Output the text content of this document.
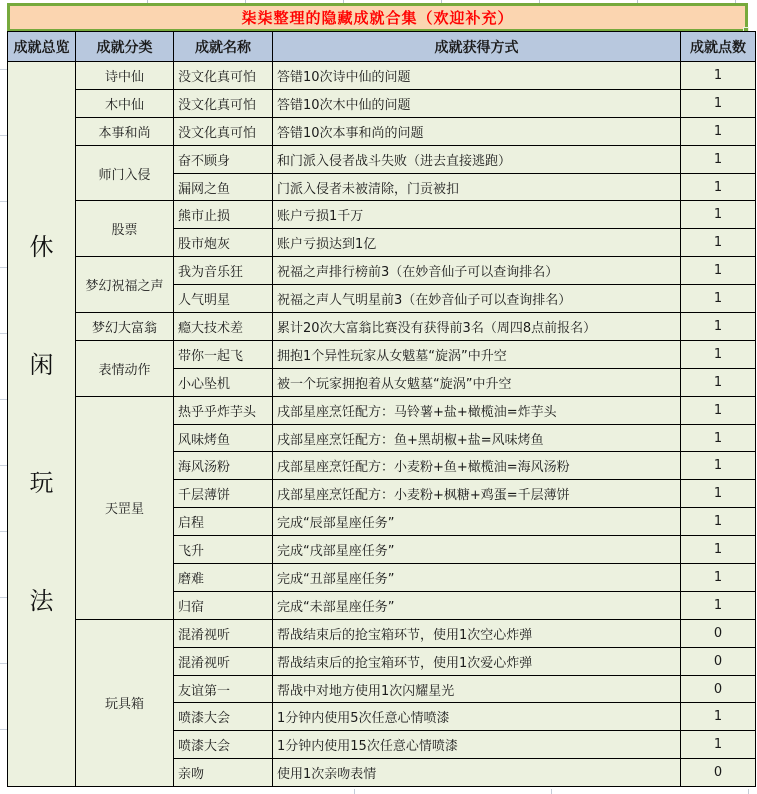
柒柒整理的隐藏成就合集（欢迎补充）
成就总览	成就分类	成就名称	成就获得方式	成就点数

休
闲
玩
法	诗中仙	没文化真可怕	答错10次诗中仙的问题	1
	木中仙	没文化真可怕	答错10次木中仙的问题	1
	本事和尚	没文化真可怕	答错10次本事和尚的问题	1
	师门入侵	奋不顾身	和门派入侵者战斗失败（进去直接逃跑）	1
		漏网之鱼	门派入侵者未被清除，门贡被扣	1
	股票	熊市止损	账户亏损1千万	1
		股市炮灰	账户亏损达到1亿	1
	梦幻祝福之声	我为音乐狂	祝福之声排行榜前3（在妙音仙子可以查询排名）	1
		人气明星	祝福之声人气明星前3（在妙音仙子可以查询排名）	1
	梦幻大富翁	瘾大技术差	累计20次大富翁比赛没有获得前3名（周四8点前报名）	1
	表情动作	带你一起飞	拥抱1个异性玩家从女魃墓“旋涡”中升空	1
		小心坠机	被一个玩家拥抱着从女魃墓“旋涡”中升空	1
	天罡星	热乎乎炸芋头	戌部星座烹饪配方：马铃薯+盐+橄榄油=炸芋头	1
		风味烤鱼	戌部星座烹饪配方：鱼+黑胡椒+盐=风味烤鱼	1
		海风汤粉	戌部星座烹饪配方：小麦粉+鱼+橄榄油=海风汤粉	1
		千层薄饼	戌部星座烹饪配方：小麦粉+枫糖+鸡蛋=千层薄饼	1
		启程	完成“辰部星座任务”	1
		飞升	完成“戌部星座任务”	1
		磨难	完成“丑部星座任务”	1
		归宿	完成“未部星座任务”	1
	玩具箱	混淆视听	帮战结束后的抢宝箱环节，使用1次空心炸弹	0
		混淆视听	帮战结束后的抢宝箱环节，使用1次爱心炸弹	0
		友谊第一	帮战中对地方使用1次闪耀星光	0
		喷漆大会	1分钟内使用5次任意心情喷漆	1
		喷漆大会	1分钟内使用15次任意心情喷漆	1
		亲吻	使用1次亲吻表情	0
